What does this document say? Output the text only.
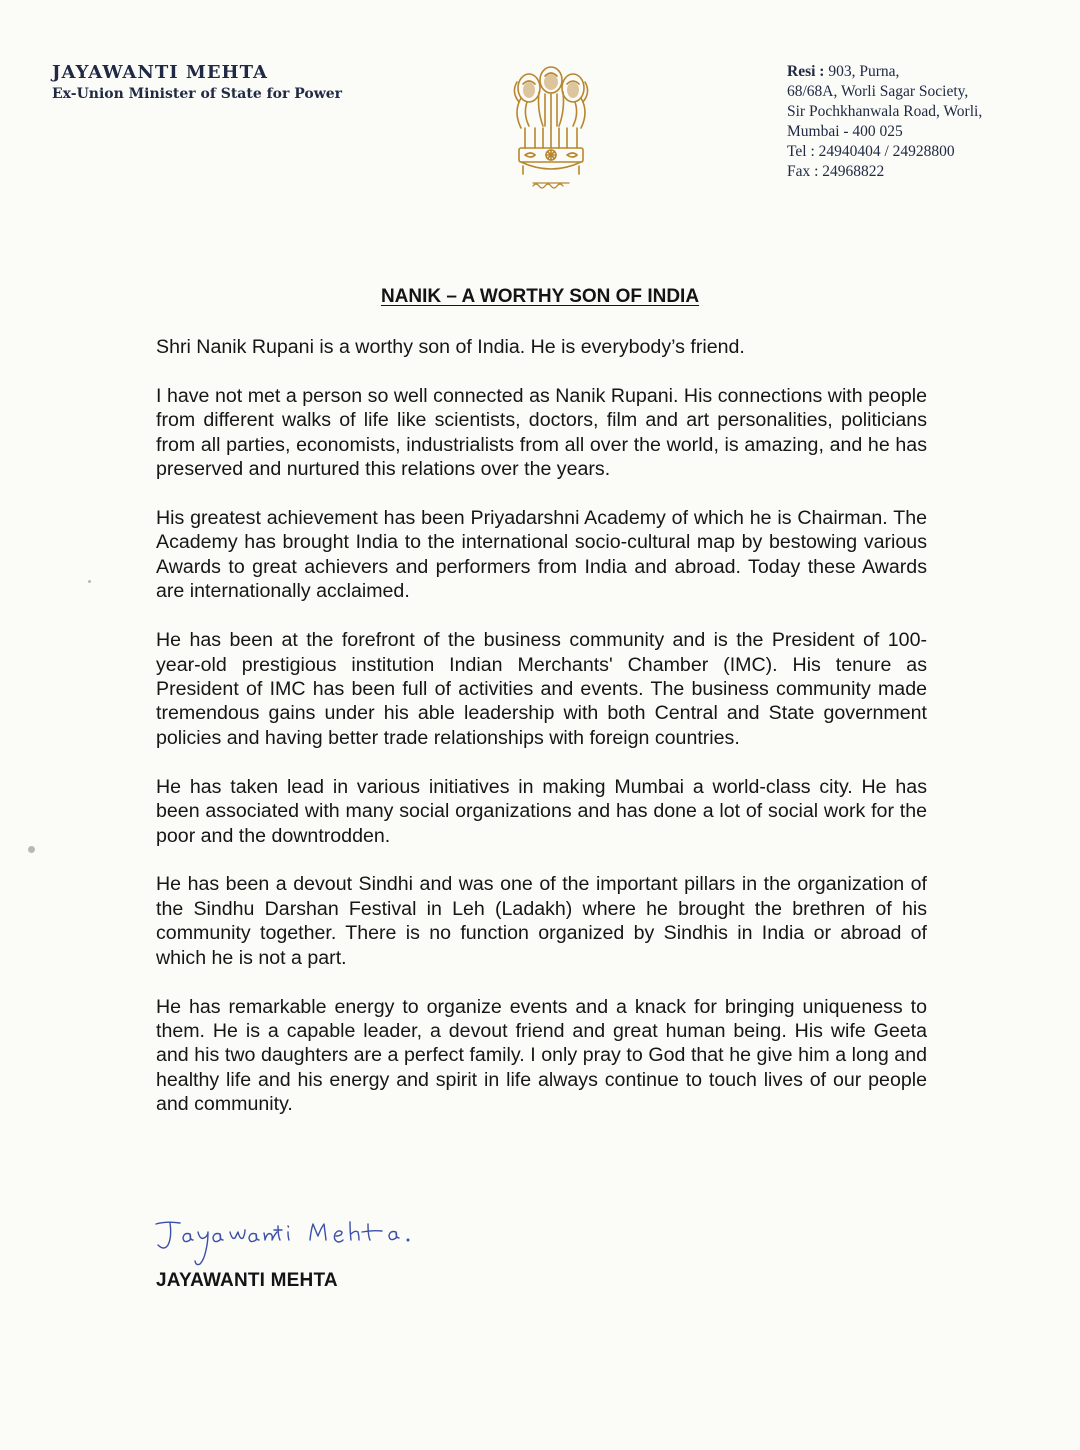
JAYAWANTI MEHTA
Ex-Union Minister of State for Power
Resi : 903, Purna,
68/68A, Worli Sagar Society,
Sir Pochkhanwala Road, Worli,
Mumbai - 400 025
Tel : 24940404 / 24928800
Fax : 24968822
NANIK – A WORTHY SON OF INDIA

Shri Nanik Rupani is a worthy son of India. He is everybody’s friend.

I have not met a person so well connected as Nanik Rupani. His connections with people from different walks of life like scientists, doctors, film and art personalities, politicians from all parties, economists, industrialists from all over the world, is amazing, and he has preserved and nurtured this relations over the years.

His greatest achievement has been Priyadarshni Academy of which he is Chairman. The Academy has brought India to the international socio-cultural map by bestowing various Awards to great achievers and performers from India and abroad. Today these Awards are internationally acclaimed.

He has been at the forefront of the business community and is the President of 100-year-old prestigious institution Indian Merchants' Chamber (IMC). His tenure as President of IMC has been full of activities and events. The business community made tremendous gains under his able leadership with both Central and State government policies and having better trade relationships with foreign countries.

He has taken lead in various initiatives in making Mumbai a world-class city. He has been associated with many social organizations and has done a lot of social work for the poor and the downtrodden.

He has been a devout Sindhi and was one of the important pillars in the organization of the Sindhu Darshan Festival in Leh (Ladakh) where he brought the brethren of his community together. There is no function organized by Sindhis in India or abroad of which he is not a part.

He has remarkable energy to organize events and a knack for bringing uniqueness to them. He is a capable leader, a devout friend and great human being. His wife Geeta and his two daughters are a perfect family. I only pray to God that he give him a long and healthy life and his energy and spirit in life always continue to touch lives of our people and community.

JAYAWANTI MEHTA
